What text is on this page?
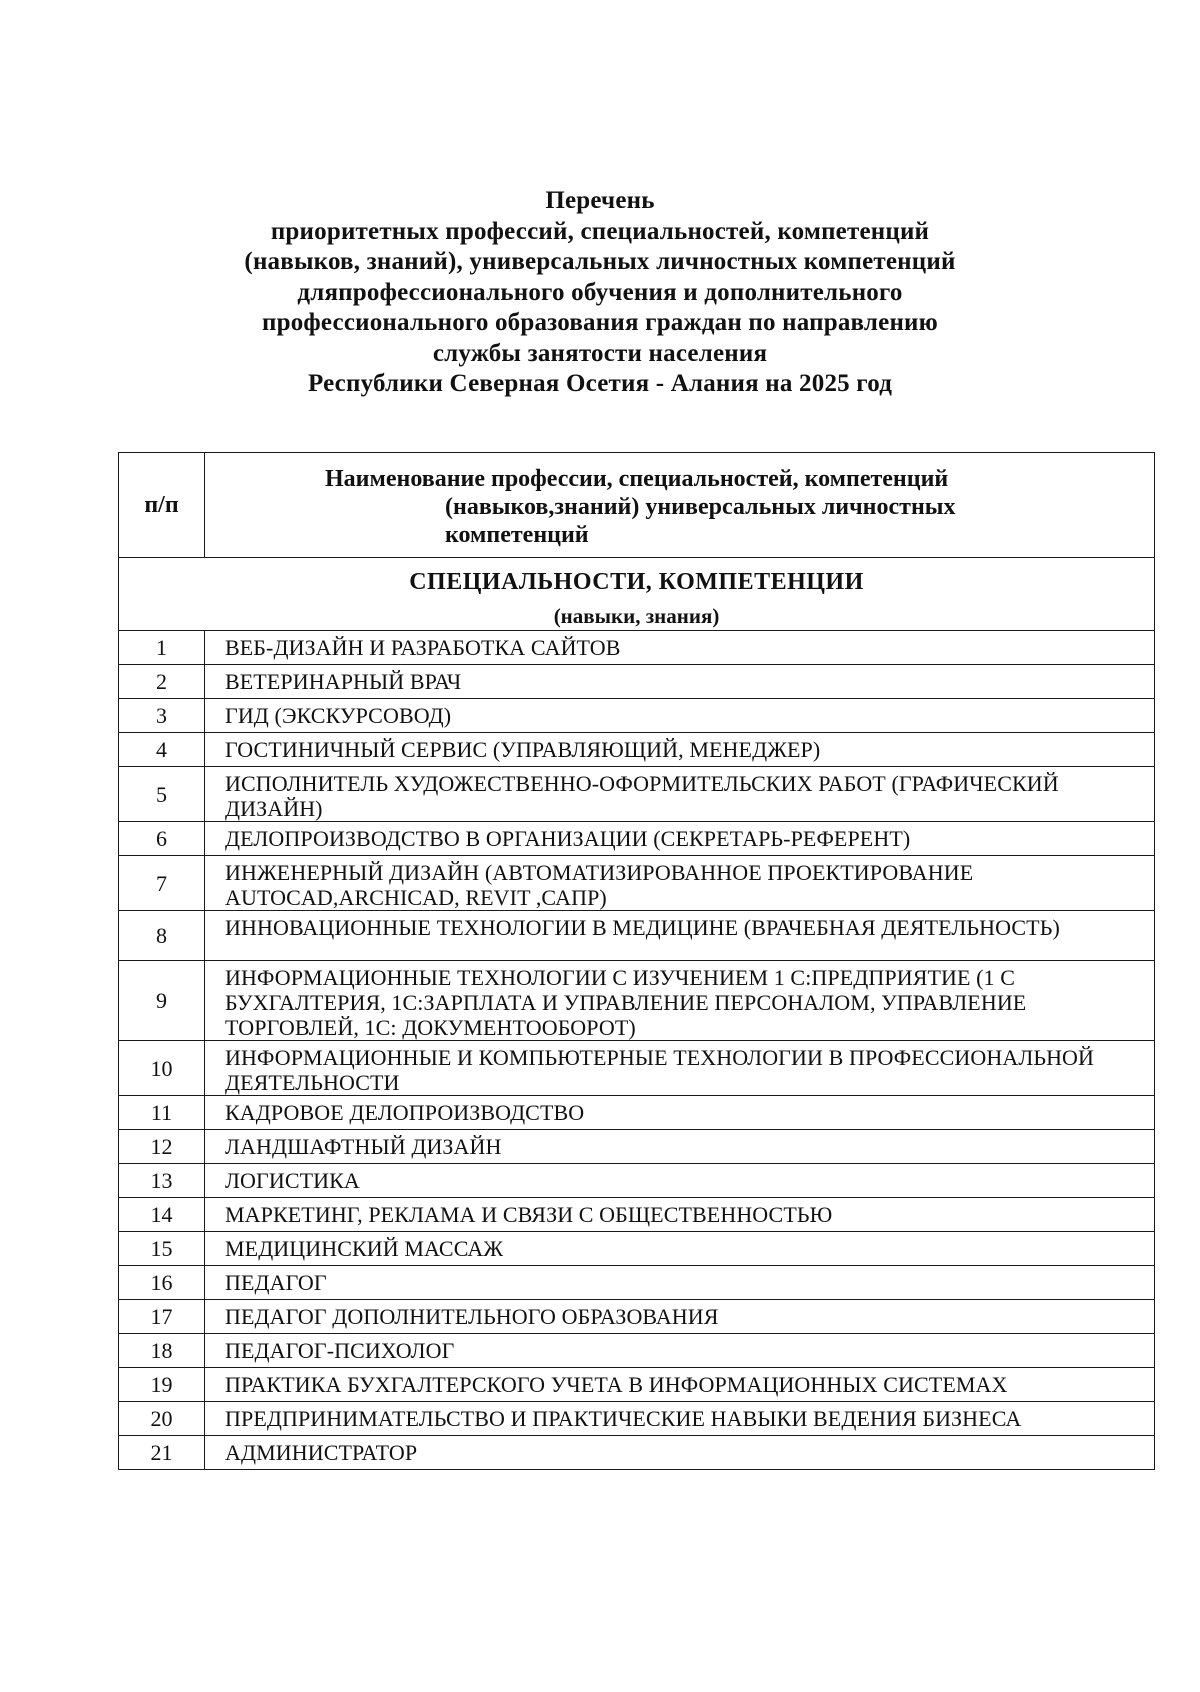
Перечень
приоритетных профессий, специальностей, компетенций
(навыков, знаний), универсальных личностных компетенций
дляпрофессионального обучения и дополнительного
профессионального образования граждан по направлению
службы занятости населения
Республики Северная Осетия - Алания на 2025 год
п/п	Наименование профессии, специальностей, компетенций
(навыков,знаний) универсальных личностных
компетенций

СПЕЦИАЛЬНОСТИ, КОМПЕТЕНЦИИ
(навыки, знания)	

1	ВЕБ-ДИЗАЙН И РАЗРАБОТКА САЙТОВ
2	ВЕТЕРИНАРНЫЙ ВРАЧ
3	ГИД (ЭКСКУРСОВОД)
4	ГОСТИНИЧНЫЙ СЕРВИС (УПРАВЛЯЮЩИЙ, МЕНЕДЖЕР)
5	ИСПОЛНИТЕЛЬ ХУДОЖЕСТВЕННО-ОФОРМИТЕЛЬСКИХ РАБОТ (ГРАФИЧЕСКИЙ ДИЗАЙН)
6	ДЕЛОПРОИЗВОДСТВО В ОРГАНИЗАЦИИ (СЕКРЕТАРЬ-РЕФЕРЕНТ)
7	ИНЖЕНЕРНЫЙ ДИЗАЙН (АВТОМАТИЗИРОВАННОЕ ПРОЕКТИРОВАНИЕ AUTOCAD,ARCHICAD, REVIT ,САПР)
8	ИННОВАЦИОННЫЕ ТЕХНОЛОГИИ В МЕДИЦИНЕ (ВРАЧЕБНАЯ ДЕЯТЕЛЬНОСТЬ)
9	ИНФОРМАЦИОННЫЕ ТЕХНОЛОГИИ С ИЗУЧЕНИЕМ 1 С:ПРЕДПРИЯТИЕ (1 С БУХГАЛТЕРИЯ, 1С:ЗАРПЛАТА И УПРАВЛЕНИЕ ПЕРСОНАЛОМ, УПРАВЛЕНИЕ ТОРГОВЛЕЙ, 1С: ДОКУМЕНТООБОРОТ)
10	ИНФОРМАЦИОННЫЕ И КОМПЬЮТЕРНЫЕ ТЕХНОЛОГИИ В ПРОФЕССИОНАЛЬНОЙ ДЕЯТЕЛЬНОСТИ
11	КАДРОВОЕ ДЕЛОПРОИЗВОДСТВО
12	ЛАНДШАФТНЫЙ ДИЗАЙН
13	ЛОГИСТИКА
14	МАРКЕТИНГ, РЕКЛАМА И СВЯЗИ С ОБЩЕСТВЕННОСТЬЮ
15	МЕДИЦИНСКИЙ МАССАЖ
16	ПЕДАГОГ
17	ПЕДАГОГ ДОПОЛНИТЕЛЬНОГО ОБРАЗОВАНИЯ
18	ПЕДАГОГ-ПСИХОЛОГ
19	ПРАКТИКА БУХГАЛТЕРСКОГО УЧЕТА В ИНФОРМАЦИОННЫХ СИСТЕМАХ
20	ПРЕДПРИНИМАТЕЛЬСТВО И ПРАКТИЧЕСКИЕ НАВЫКИ ВЕДЕНИЯ БИЗНЕСА
21	АДМИНИСТРАТОР
